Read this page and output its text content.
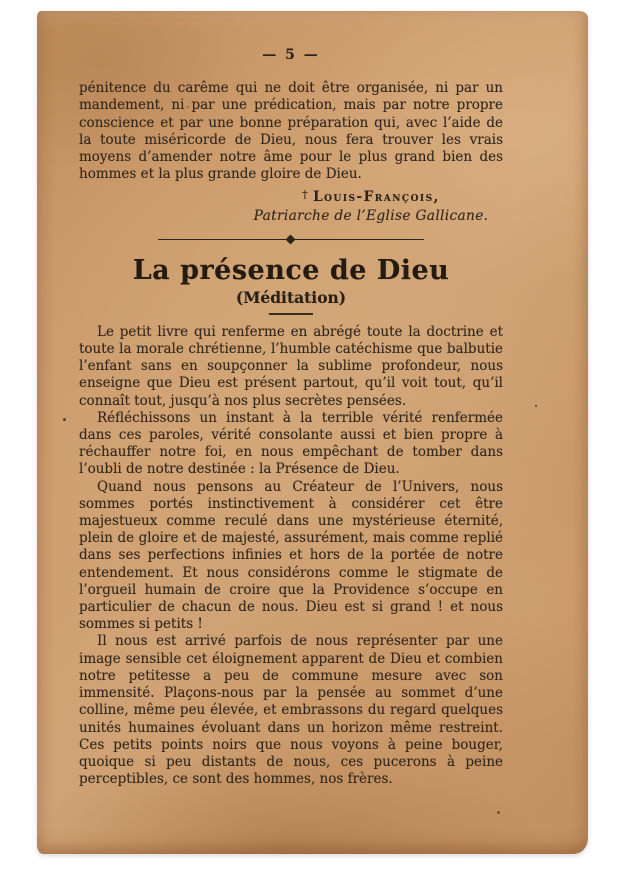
— 5 —

pénitence du carême qui ne doit être organisée, ni par un mandement, ni par une prédication, mais par notre propre conscience et par une bonne préparation qui, avec l’aide de la toute miséricorde de Dieu, nous fera trouver les vrais moyens d’amender notre âme pour le plus grand bien des hommes et la plus grande gloire de Dieu.

† Louis-François,
Patriarche de l’Eglise Gallicane.
La présence de Dieu
(Méditation)

Le petit livre qui renferme en abrégé toute la doctrine et toute la morale chrétienne, l’humble catéchisme que balbutie l’enfant sans en soupçonner la sublime profondeur, nous enseigne que Dieu est présent partout, qu’il voit tout, qu’il connaît tout, jusqu’à nos plus secrètes pensées.

Réfléchissons un instant à la terrible vérité renfermée dans ces paroles, vérité consolante aussi et bien propre à réchauffer notre foi, en nous empêchant de tomber dans l’oubli de notre destinée : la Présence de Dieu.

Quand nous pensons au Créateur de l’Univers, nous sommes portés instinctivement à considérer cet être majestueux comme reculé dans une mystérieuse éternité, plein de gloire et de majesté, assurément, mais comme replié dans ses perfections infinies et hors de la portée de notre entendement. Et nous considérons comme le stigmate de l’orgueil humain de croire que la Providence s’occupe en particulier de chacun de nous. Dieu est si grand ! et nous sommes si petits !

Il nous est arrivé parfois de nous représenter par une image sensible cet éloignement apparent de Dieu et combien notre petitesse a peu de commune mesure avec son immensité. Plaçons-nous par la pensée au sommet d’une colline, même peu élevée, et embrassons du regard quelques unités humaines évoluant dans un horizon même restreint. Ces petits points noirs que nous voyons à peine bouger, quoique si peu distants de nous, ces pucerons à peine perceptibles, ce sont des hommes, nos frères.
